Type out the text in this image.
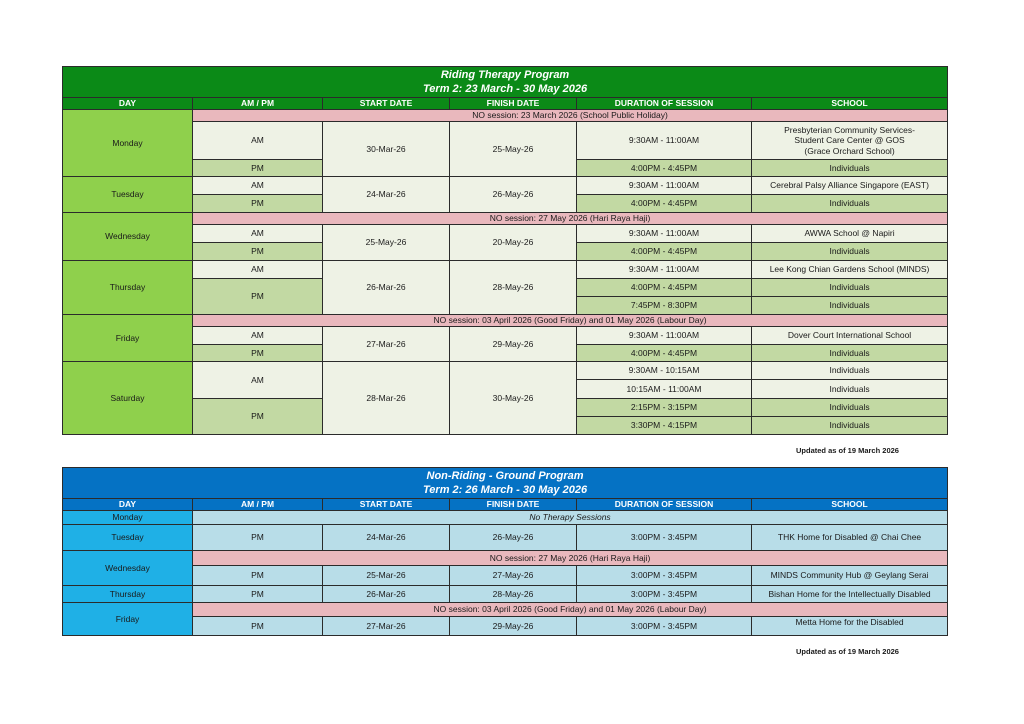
Riding Therapy Program
Term 2: 23 March - 30 May 2026					

DAY	AM / PM	START DATE	FINISH DATE	DURATION OF SESSION	SCHOOL
Monday	NO session: 23 March 2026 (School Public Holiday)				
	AM	30-Mar-26	25-May-26	9:30AM - 11:00AM	Presbyterian Community Services-
Student Care Center @ GOS
(Grace Orchard School)

	PM			4:00PM - 4:45PM	Individuals

Tuesday	AM	24-Mar-26	26-May-26	9:30AM - 11:00AM	Cerebral Palsy Alliance Singapore (EAST)
	PM			4:00PM - 4:45PM	Individuals
Wednesday	NO session: 27 May 2026 (Hari Raya Haji)				
	AM	25-May-26	20-May-26	9:30AM - 11:00AM	AWWA School @ Napiri
	PM			4:00PM - 4:45PM	Individuals
Thursday	AM	26-Mar-26	28-May-26	9:30AM - 11:00AM	Lee Kong Chian Gardens School (MINDS)
	PM			4:00PM - 4:45PM	Individuals
				7:45PM - 8:30PM	Individuals
Friday	NO session: 03 April 2026 (Good Friday) and 01 May 2026 (Labour Day)				
	AM	27-Mar-26	29-May-26	9:30AM - 11:00AM	Dover Court International School
	PM			4:00PM - 4:45PM	Individuals
Saturday	AM	28-Mar-26	30-May-26	9:30AM - 10:15AM	Individuals
				10:15AM - 11:00AM	Individuals
	PM			2:15PM - 3:15PM	Individuals
				3:30PM - 4:15PM	Individuals
Updated as of 19 March 2026
Non-Riding - Ground Program
Term 2: 26 March - 30 May 2026					

DAY	AM / PM	START DATE	FINISH DATE	DURATION OF SESSION	SCHOOL
Monday	No Therapy Sessions				
Tuesday	PM	24-Mar-26	26-May-26	3:00PM - 3:45PM	THK Home for Disabled @ Chai Chee
Wednesday	NO session: 27 May 2026 (Hari Raya Haji)				
	PM	25-Mar-26	27-May-26	3:00PM - 3:45PM	MINDS Community Hub @ Geylang Serai
Thursday	PM	26-Mar-26	28-May-26	3:00PM - 3:45PM	Bishan Home for the Intellectually Disabled
Friday	NO session: 03 April 2026 (Good Friday) and 01 May 2026 (Labour Day)				
	PM	27-Mar-26	29-May-26	3:00PM - 3:45PM	Metta Home for the Disabled
Updated as of 19 March 2026
